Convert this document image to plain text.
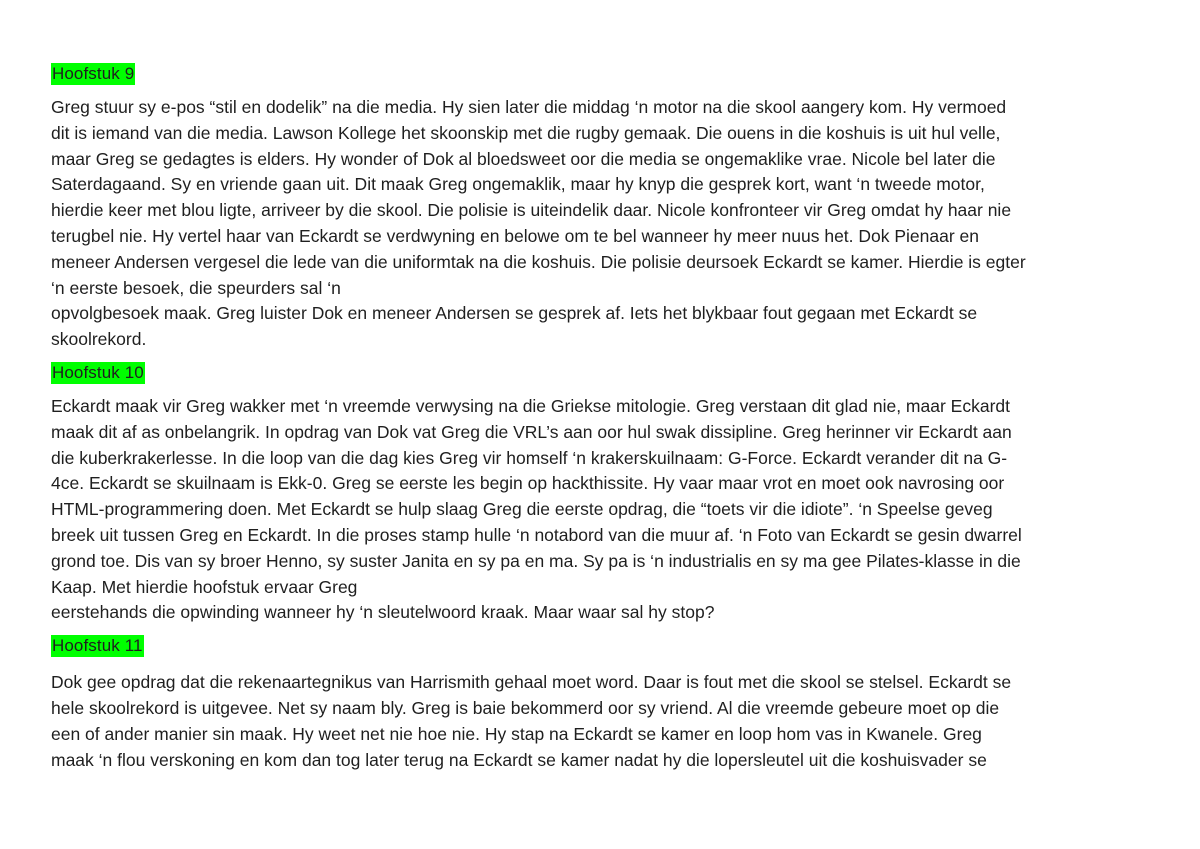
Hoofstuk 9

Greg stuur sy e-pos “stil en dodelik” na die media. Hy sien later die middag ‘n motor na die skool aangery kom. Hy vermoed
dit is iemand van die media. Lawson Kollege het skoonskip met die rugby gemaak. Die ouens in die koshuis is uit hul velle,
maar Greg se gedagtes is elders. Hy wonder of Dok al bloedsweet oor die media se ongemaklike vrae. Nicole bel later die
Saterdagaand. Sy en vriende gaan uit. Dit maak Greg ongemaklik, maar hy knyp die gesprek kort, want ‘n tweede motor,
hierdie keer met blou ligte, arriveer by die skool. Die polisie is uiteindelik daar. Nicole konfronteer vir Greg omdat hy haar nie
terugbel nie. Hy vertel haar van Eckardt se verdwyning en belowe om te bel wanneer hy meer nuus het. Dok Pienaar en
meneer Andersen vergesel die lede van die uniformtak na die koshuis. Die polisie deursoek Eckardt se kamer. Hierdie is egter
‘n eerste besoek, die speurders sal ‘n
opvolgbesoek maak. Greg luister Dok en meneer Andersen se gesprek af. Iets het blykbaar fout gegaan met Eckardt se
skoolrekord.

Hoofstuk 10

Eckardt maak vir Greg wakker met ‘n vreemde verwysing na die Griekse mitologie. Greg verstaan dit glad nie, maar Eckardt
maak dit af as onbelangrik. In opdrag van Dok vat Greg die VRL’s aan oor hul swak dissipline. Greg herinner vir Eckardt aan
die kuberkrakerlesse. In die loop van die dag kies Greg vir homself ‘n krakerskuilnaam: G-Force. Eckardt verander dit na G-
4ce. Eckardt se skuilnaam is Ekk-0. Greg se eerste les begin op hackthissite. Hy vaar maar vrot en moet ook navrosing oor
HTML-programmering doen. Met Eckardt se hulp slaag Greg die eerste opdrag, die “toets vir die idiote”. ‘n Speelse geveg
breek uit tussen Greg en Eckardt. In die proses stamp hulle ‘n notabord van die muur af. ‘n Foto van Eckardt se gesin dwarrel
grond toe. Dis van sy broer Henno, sy suster Janita en sy pa en ma. Sy pa is ‘n industrialis en sy ma gee Pilates-klasse in die
Kaap. Met hierdie hoofstuk ervaar Greg
eerstehands die opwinding wanneer hy ‘n sleutelwoord kraak. Maar waar sal hy stop?

Hoofstuk 11

Dok gee opdrag dat die rekenaartegnikus van Harrismith gehaal moet word. Daar is fout met die skool se stelsel. Eckardt se
hele skoolrekord is uitgevee. Net sy naam bly. Greg is baie bekommerd oor sy vriend. Al die vreemde gebeure moet op die
een of ander manier sin maak. Hy weet net nie hoe nie. Hy stap na Eckardt se kamer en loop hom vas in Kwanele. Greg
maak ‘n flou verskoning en kom dan tog later terug na Eckardt se kamer nadat hy die lopersleutel uit die koshuisvader se
